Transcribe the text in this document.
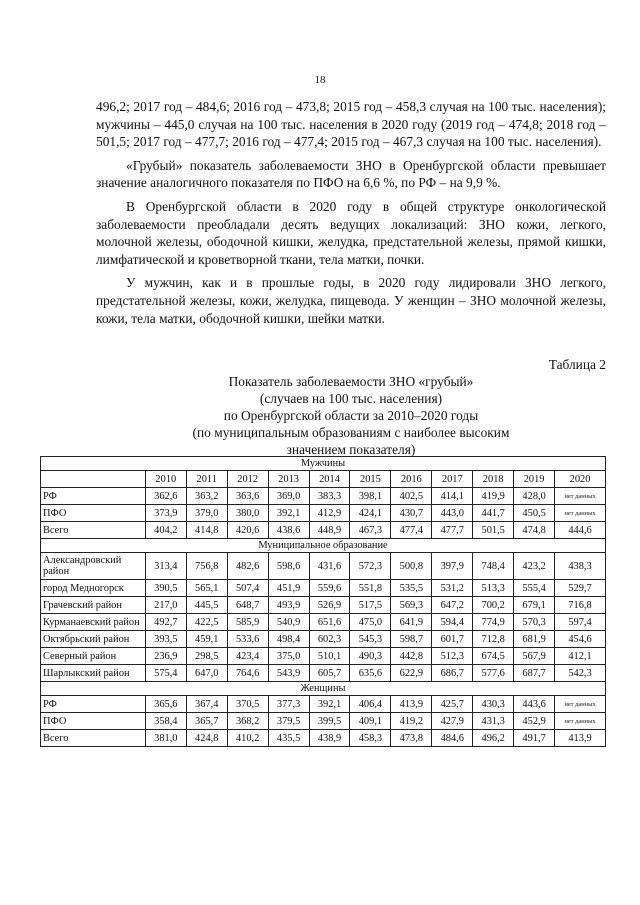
18

496,2; 2017 год – 484,6; 2016 год – 473,8; 2015 год – 458,3 случая на 100 тыс. населения); мужчины – 445,0 случая на 100 тыс. населения в 2020 году (2019 год – 474,8; 2018 год – 501,5; 2017 год – 477,7; 2016 год – 477,4; 2015 год – 467,3 случая на 100 тыс. населения).

«Грубый» показатель заболеваемости ЗНО в Оренбургской области превышает значение аналогичного показателя по ПФО на 6,6 %, по РФ – на 9,9 %.

В Оренбургской области в 2020 году в общей структуре онкологической заболеваемости преобладали десять ведущих локализаций: ЗНО кожи, легкого, молочной железы, ободочной кишки, желудка, предстательной железы, прямой кишки, лимфатической и кроветворной ткани, тела матки, почки.

У мужчин, как и в прошлые годы, в 2020 году лидировали ЗНО легкого, предстательной железы, кожи, желудка, пищевода. У женщин – ЗНО молочной железы, кожи, тела матки, ободочной кишки, шейки матки.

Таблица 2
Показатель заболеваемости ЗНО «грубый»
(случаев на 100 тыс. населения)
по Оренбургской области за 2010–2020 годы
(по муниципальным образованиям с наиболее высоким
значением показателя)
Мужчины											
	2010	2011	2012	2013	2014	2015	2016	2017	2018	2019	2020
РФ	362,6	363,2	363,6	369,0	383,3	398,1	402,5	414,1	419,9	428,0	нет данных
ПФО	373,9	379,0	380,0	392,1	412,9	424,1	430,7	443,0	441,7	450,5	нет данных
Всего	404,2	414,8	420,6	438,6	448,9	467,3	477,4	477,7	501,5	474,8	444,6
Муниципальное образование											
Александровский район	313,4	756,8	482,6	598,6	431,6	572,3	500,8	397,9	748,4	423,2	438,3
город Медногорск	390,5	565,1	507,4	451,9	559,6	551,8	535,5	531,2	513,3	555,4	529,7
Грачевский район	217,0	445,5	648,7	493,9	526,9	517,5	569,3	647,2	700,2	679,1	716,8
Курманаевский район	492,7	422,5	585,9	540,9	651,6	475,0	641,9	594,4	774,9	570,3	597,4
Октябрьский район	393,5	459,1	533,6	498,4	602,3	545,3	598,7	601,7	712,8	681,9	454,6
Северный район	236,9	298,5	423,4	375,0	510,1	490,3	442,8	512,3	674,5	567,9	412,1
Шарлыкский район	575,4	647,0	764,6	543,9	605,7	635,6	622,9	686,7	577,6	687,7	542,3
Женщины											
РФ	365,6	367,4	370,5	377,3	392,1	406,4	413,9	425,7	430,3	443,6	нет данных
ПФО	358,4	365,7	368,2	379,5	399,5	409,1	419,2	427,9	431,3	452,9	нет данных
Всего	381,0	424,8	410,2	435,5	438,9	458,3	473,8	484,6	496,2	491,7	413,9
